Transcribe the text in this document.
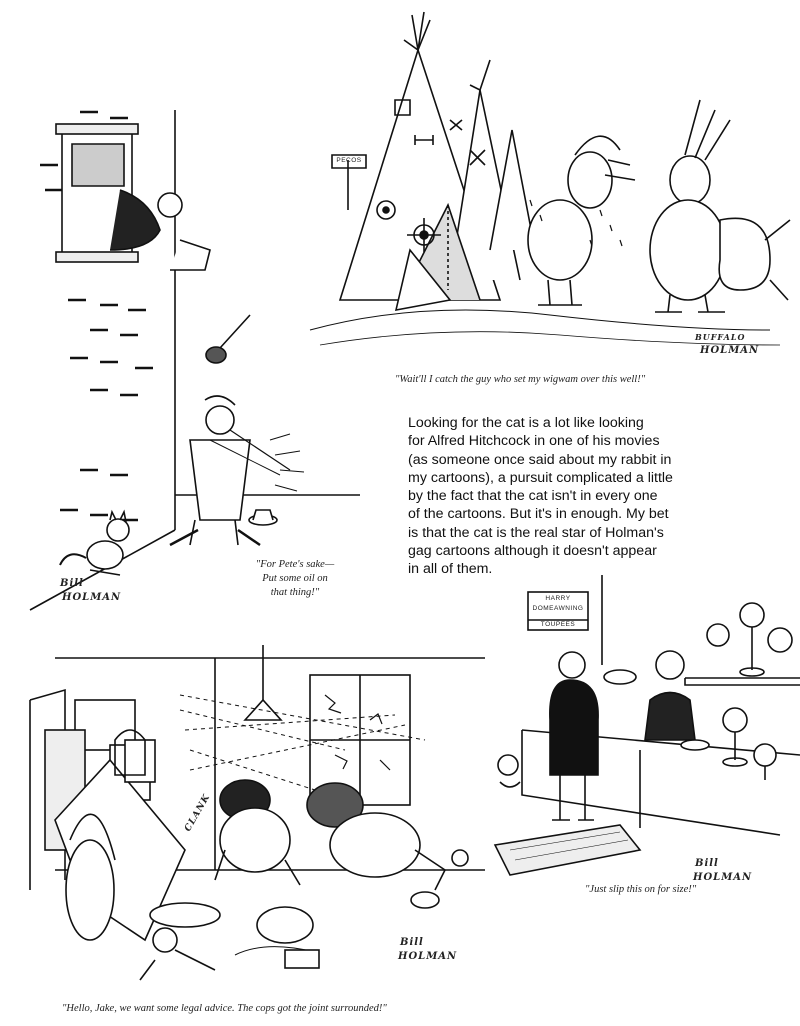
PECOS
BUFFALO
HOLMAN
"Wait'll I catch the guy who set my wigwam over this well!"
Bill
HOLMAN
"For Pete's sake—
Put some oil on
that thing!"
Looking for the cat is a lot like looking
for Alfred Hitchcock in one of his movies
(as someone once said about my rabbit in
my cartoons), a pursuit complicated a little
by the fact that the cat isn't in every one
of the cartoons. But it's in enough. My bet
is that the cat is the real star of Holman's
gag cartoons although it doesn't appear
in all of them.
CLANK
Bill
HOLMAN
"Hello, Jake, we want some legal advice. The cops got the joint surrounded!"
HARRY
DOMEAWNING
TOUPEES
Bill
HOLMAN
"Just slip this on for size!"
